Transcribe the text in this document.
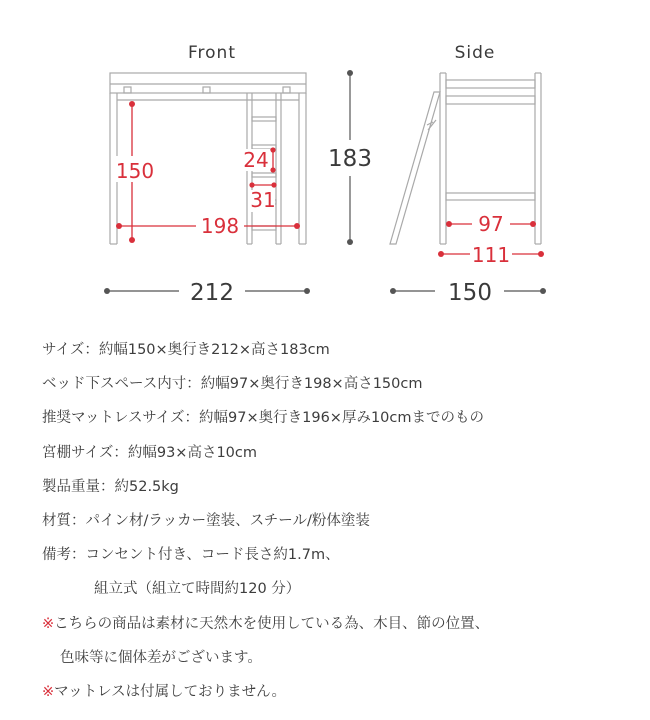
Front
150
198
24
31
212
183
Side
97
111
150
サイズ：約幅150×奥行き212×高さ183cm
ベッド下スペース内寸：約幅97×奥行き198×高さ150cm
推奨マットレスサイズ：約幅97×奥行き196×厚み10cmまでのもの
宮棚サイズ：約幅93×高さ10cm
製品重量：約52.5kg
材質：パイン材/ラッカー塗装、スチール/粉体塗装
備考：コンセント付き、コード長さ約1.7m、
組立式（組立て時間約120 分）
※こちらの商品は素材に天然木を使用している為、木目、節の位置、
色味等に個体差がございます。
※マットレスは付属しておりません。
